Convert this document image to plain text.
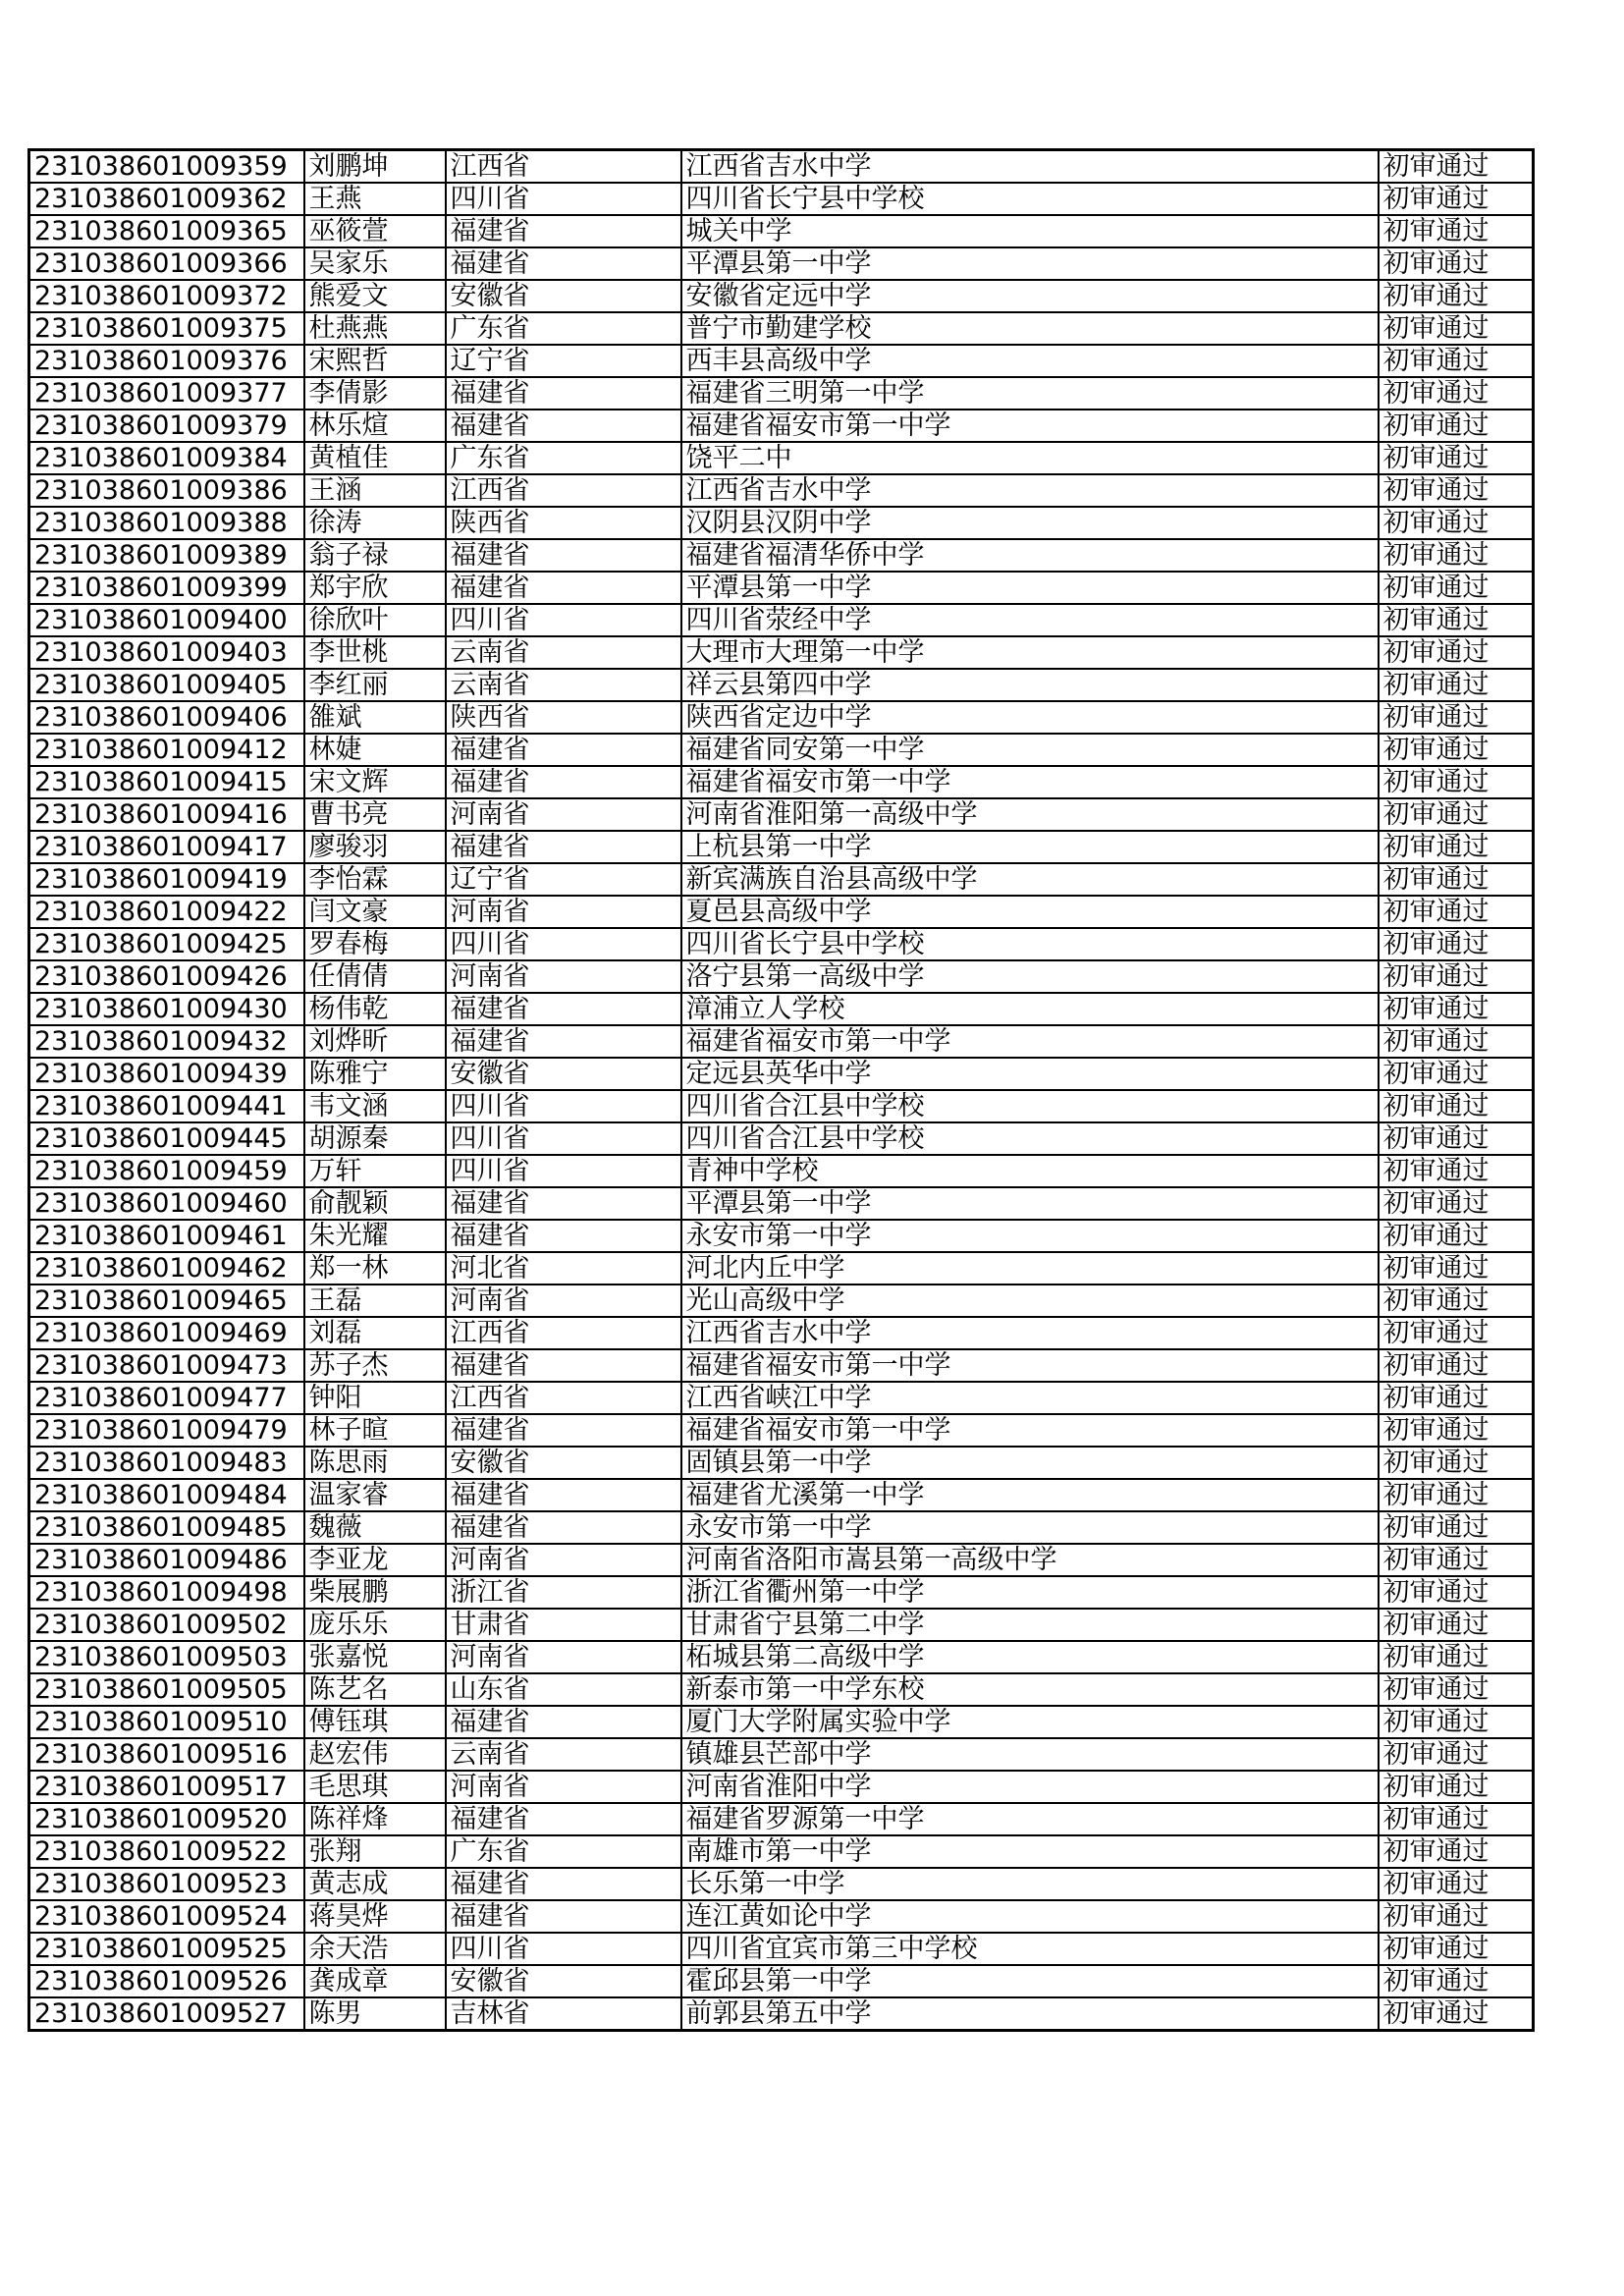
231038601009359	刘鹏坤	江西省	江西省吉水中学	初审通过
231038601009362	王燕	四川省	四川省长宁县中学校	初审通过
231038601009365	巫筱萱	福建省	城关中学	初审通过
231038601009366	吴家乐	福建省	平潭县第一中学	初审通过
231038601009372	熊爱文	安徽省	安徽省定远中学	初审通过
231038601009375	杜燕燕	广东省	普宁市勤建学校	初审通过
231038601009376	宋熙哲	辽宁省	西丰县高级中学	初审通过
231038601009377	李倩影	福建省	福建省三明第一中学	初审通过
231038601009379	林乐煊	福建省	福建省福安市第一中学	初审通过
231038601009384	黄植佳	广东省	饶平二中	初审通过
231038601009386	王涵	江西省	江西省吉水中学	初审通过
231038601009388	徐涛	陕西省	汉阴县汉阴中学	初审通过
231038601009389	翁子禄	福建省	福建省福清华侨中学	初审通过
231038601009399	郑宇欣	福建省	平潭县第一中学	初审通过
231038601009400	徐欣叶	四川省	四川省荥经中学	初审通过
231038601009403	李世桃	云南省	大理市大理第一中学	初审通过
231038601009405	李红丽	云南省	祥云县第四中学	初审通过
231038601009406	雒斌	陕西省	陕西省定边中学	初审通过
231038601009412	林婕	福建省	福建省同安第一中学	初审通过
231038601009415	宋文辉	福建省	福建省福安市第一中学	初审通过
231038601009416	曹书亮	河南省	河南省淮阳第一高级中学	初审通过
231038601009417	廖骏羽	福建省	上杭县第一中学	初审通过
231038601009419	李怡霖	辽宁省	新宾满族自治县高级中学	初审通过
231038601009422	闫文豪	河南省	夏邑县高级中学	初审通过
231038601009425	罗春梅	四川省	四川省长宁县中学校	初审通过
231038601009426	任倩倩	河南省	洛宁县第一高级中学	初审通过
231038601009430	杨伟乾	福建省	漳浦立人学校	初审通过
231038601009432	刘烨昕	福建省	福建省福安市第一中学	初审通过
231038601009439	陈雅宁	安徽省	定远县英华中学	初审通过
231038601009441	韦文涵	四川省	四川省合江县中学校	初审通过
231038601009445	胡源秦	四川省	四川省合江县中学校	初审通过
231038601009459	万轩	四川省	青神中学校	初审通过
231038601009460	俞靓颖	福建省	平潭县第一中学	初审通过
231038601009461	朱光耀	福建省	永安市第一中学	初审通过
231038601009462	郑一林	河北省	河北内丘中学	初审通过
231038601009465	王磊	河南省	光山高级中学	初审通过
231038601009469	刘磊	江西省	江西省吉水中学	初审通过
231038601009473	苏子杰	福建省	福建省福安市第一中学	初审通过
231038601009477	钟阳	江西省	江西省峡江中学	初审通过
231038601009479	林子暄	福建省	福建省福安市第一中学	初审通过
231038601009483	陈思雨	安徽省	固镇县第一中学	初审通过
231038601009484	温家睿	福建省	福建省尤溪第一中学	初审通过
231038601009485	魏薇	福建省	永安市第一中学	初审通过
231038601009486	李亚龙	河南省	河南省洛阳市嵩县第一高级中学	初审通过
231038601009498	柴展鹏	浙江省	浙江省衢州第一中学	初审通过
231038601009502	庞乐乐	甘肃省	甘肃省宁县第二中学	初审通过
231038601009503	张嘉悦	河南省	柘城县第二高级中学	初审通过
231038601009505	陈艺名	山东省	新泰市第一中学东校	初审通过
231038601009510	傅钰琪	福建省	厦门大学附属实验中学	初审通过
231038601009516	赵宏伟	云南省	镇雄县芒部中学	初审通过
231038601009517	毛思琪	河南省	河南省淮阳中学	初审通过
231038601009520	陈祥烽	福建省	福建省罗源第一中学	初审通过
231038601009522	张翔	广东省	南雄市第一中学	初审通过
231038601009523	黄志成	福建省	长乐第一中学	初审通过
231038601009524	蒋昊烨	福建省	连江黄如论中学	初审通过
231038601009525	余天浩	四川省	四川省宜宾市第三中学校	初审通过
231038601009526	龚成章	安徽省	霍邱县第一中学	初审通过
231038601009527	陈男	吉林省	前郭县第五中学	初审通过
